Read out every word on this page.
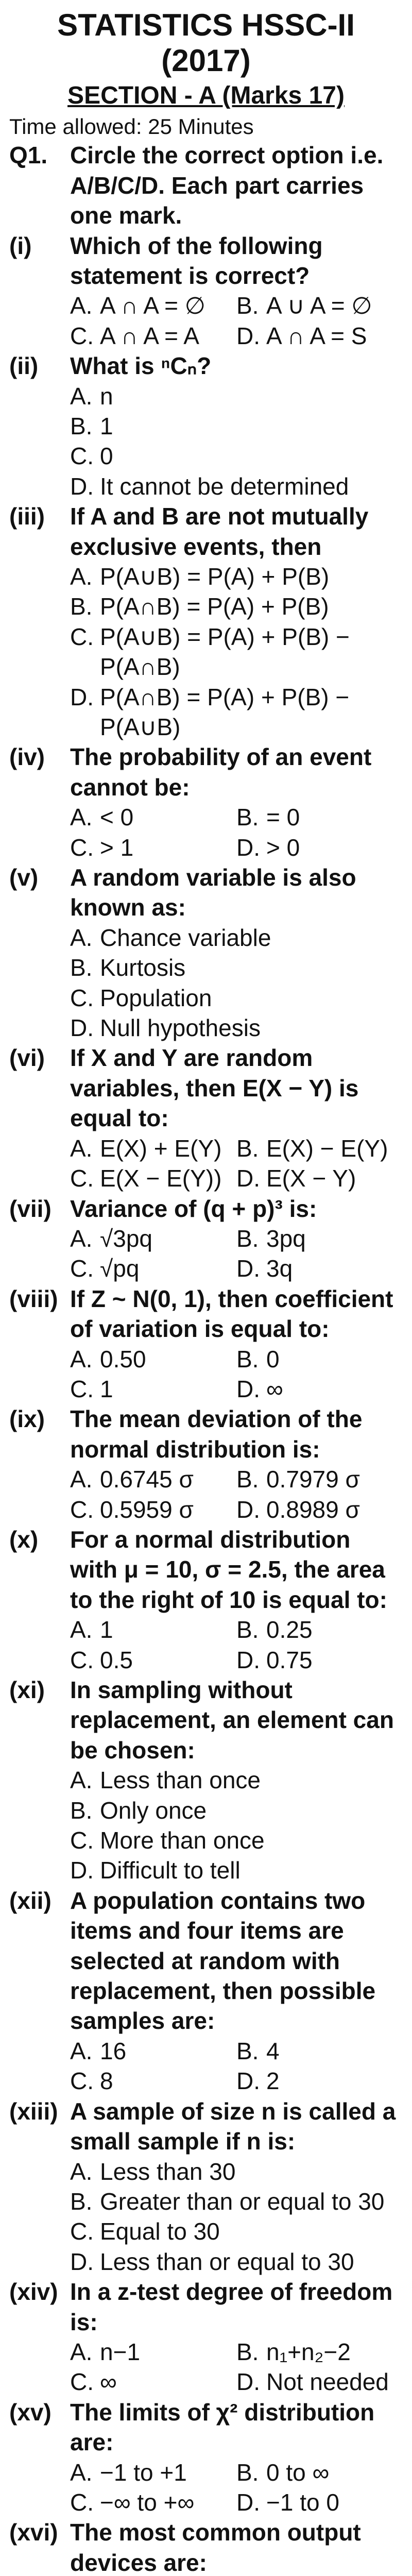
STATISTICS HSSC-II (2017)
SECTION - A (Marks 17)
Time allowed: 25 Minutes
Q1. Circle the correct option i.e. A/B/C/D. Each part carries one mark.
(i)	Which of the following statement is correct?
A. A ∩ A = ∅ B. A ∪ A = ∅
C. A ∩ A = A D. A ∩ A = S
(ii)	What is ⁿCₙ?
A. n
B. 1
C. 0
D. It cannot be determined
(iii)	If A and B are not mutually exclusive events, then
A. P(A∪B) = P(A) + P(B)
B. P(A∩B) = P(A) + P(B)
C. P(A∪B) = P(A) + P(B) − P(A∩B)
D. P(A∩B) = P(A) + P(B) − P(A∪B)
(iv)	The probability of an event cannot be:
A. < 0	B. = 0
C. > 1	D. > 0
(v)	A random variable is also known as:
A. Chance variable
B. Kurtosis
C. Population
D. Null hypothesis
(vi)	If X and Y are random variables, then E(X − Y) is equal to:
A. E(X) + E(Y) B. E(X) − E(Y)
C. E(X − E(Y)) D. E(X − Y)
(vii) Variance of (q + p)³ is:
A. √3pq	B. 3pq
C. √pq	D. 3q
(viii) If Z ~ N(0, 1), then coefficient of variation is equal to:
A. 0.50	B. 0
C. 1	D. ∞
(ix)	The mean deviation of the normal distribution is:
A. 0.6745 σ B. 0.7979 σ
C. 0.5959 σ D. 0.8989 σ
(x)	For a normal distribution with μ = 10, σ = 2.5, the area to the right of 10 is equal to:
A. 1	B. 0.25
C. 0.5	D. 0.75
(xi)	In sampling without replacement, an element can be chosen:
A. Less than once
B. Only once
C. More than once
D. Difficult to tell
(xii) A population contains two items and four items are selected at random with replacement, then possible samples are:
A. 16	B. 4
C. 8	D. 2
(xiii) A sample of size n is called a small sample if n is:
A. Less than 30
B. Greater than or equal to 30
C. Equal to 30
D. Less than or equal to 30
(xiv) In a z-test degree of freedom is:
A. n−1	B. n₁+n₂−2
C. ∞	D. Not needed
(xv) The limits of χ² distribution are:
A. −1 to +1 B. 0 to ∞
C. −∞ to +∞ D. −1 to 0
(xvi) The most common output devices are:
